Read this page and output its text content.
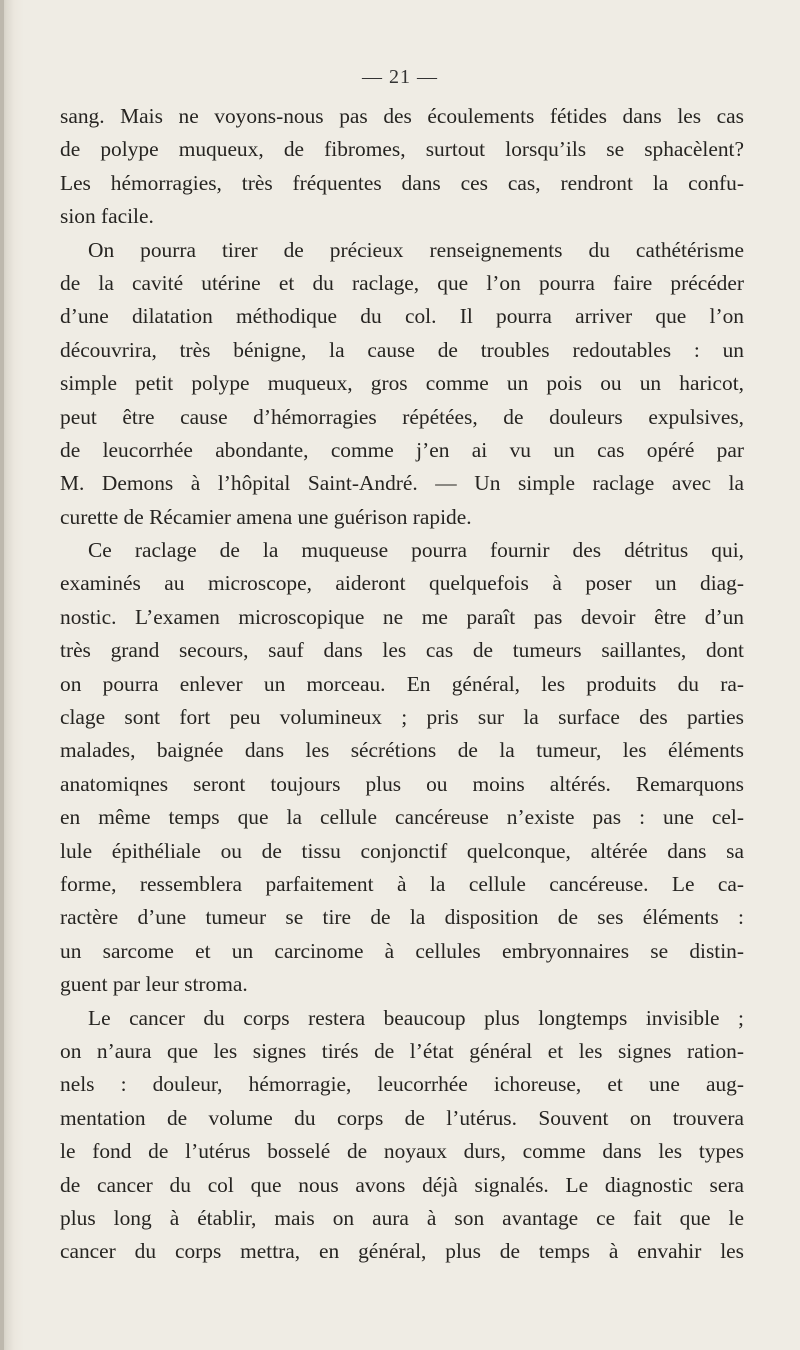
— 21 —
sang. Mais ne voyons-nous pas des écoulements fétides dans les cas
de polype muqueux, de fibromes, surtout lorsqu’ils se sphacèlent?
Les hémorragies, très fréquentes dans ces cas, rendront la confu-
sion facile.
On pourra tirer de précieux renseignements du cathétérisme
de la cavité utérine et du raclage, que l’on pourra faire précéder
d’une dilatation méthodique du col. Il pourra arriver que l’on
découvrira, très bénigne, la cause de troubles redoutables : un
simple petit polype muqueux, gros comme un pois ou un haricot,
peut être cause d’hémorragies répétées, de douleurs expulsives,
de leucorrhée abondante, comme j’en ai vu un cas opéré par
M. Demons à l’hôpital Saint-André. — Un simple raclage avec la
curette de Récamier amena une guérison rapide.
Ce raclage de la muqueuse pourra fournir des détritus qui,
examinés au microscope, aideront quelquefois à poser un diag-
nostic. L’examen microscopique ne me paraît pas devoir être d’un
très grand secours, sauf dans les cas de tumeurs saillantes, dont
on pourra enlever un morceau. En général, les produits du ra-
clage sont fort peu volumineux ; pris sur la surface des parties
malades, baignée dans les sécrétions de la tumeur, les éléments
anatomiqnes seront toujours plus ou moins altérés. Remarquons
en même temps que la cellule cancéreuse n’existe pas : une cel-
lule épithéliale ou de tissu conjonctif quelconque, altérée dans sa
forme, ressemblera parfaitement à la cellule cancéreuse. Le ca-
ractère d’une tumeur se tire de la disposition de ses éléments :
un sarcome et un carcinome à cellules embryonnaires se distin-
guent par leur stroma.
Le cancer du corps restera beaucoup plus longtemps invisible ;
on n’aura que les signes tirés de l’état général et les signes ration-
nels : douleur, hémorragie, leucorrhée ichoreuse, et une aug-
mentation de volume du corps de l’utérus. Souvent on trouvera
le fond de l’utérus bosselé de noyaux durs, comme dans les types
de cancer du col que nous avons déjà signalés. Le diagnostic sera
plus long à établir, mais on aura à son avantage ce fait que le
cancer du corps mettra, en général, plus de temps à envahir les
